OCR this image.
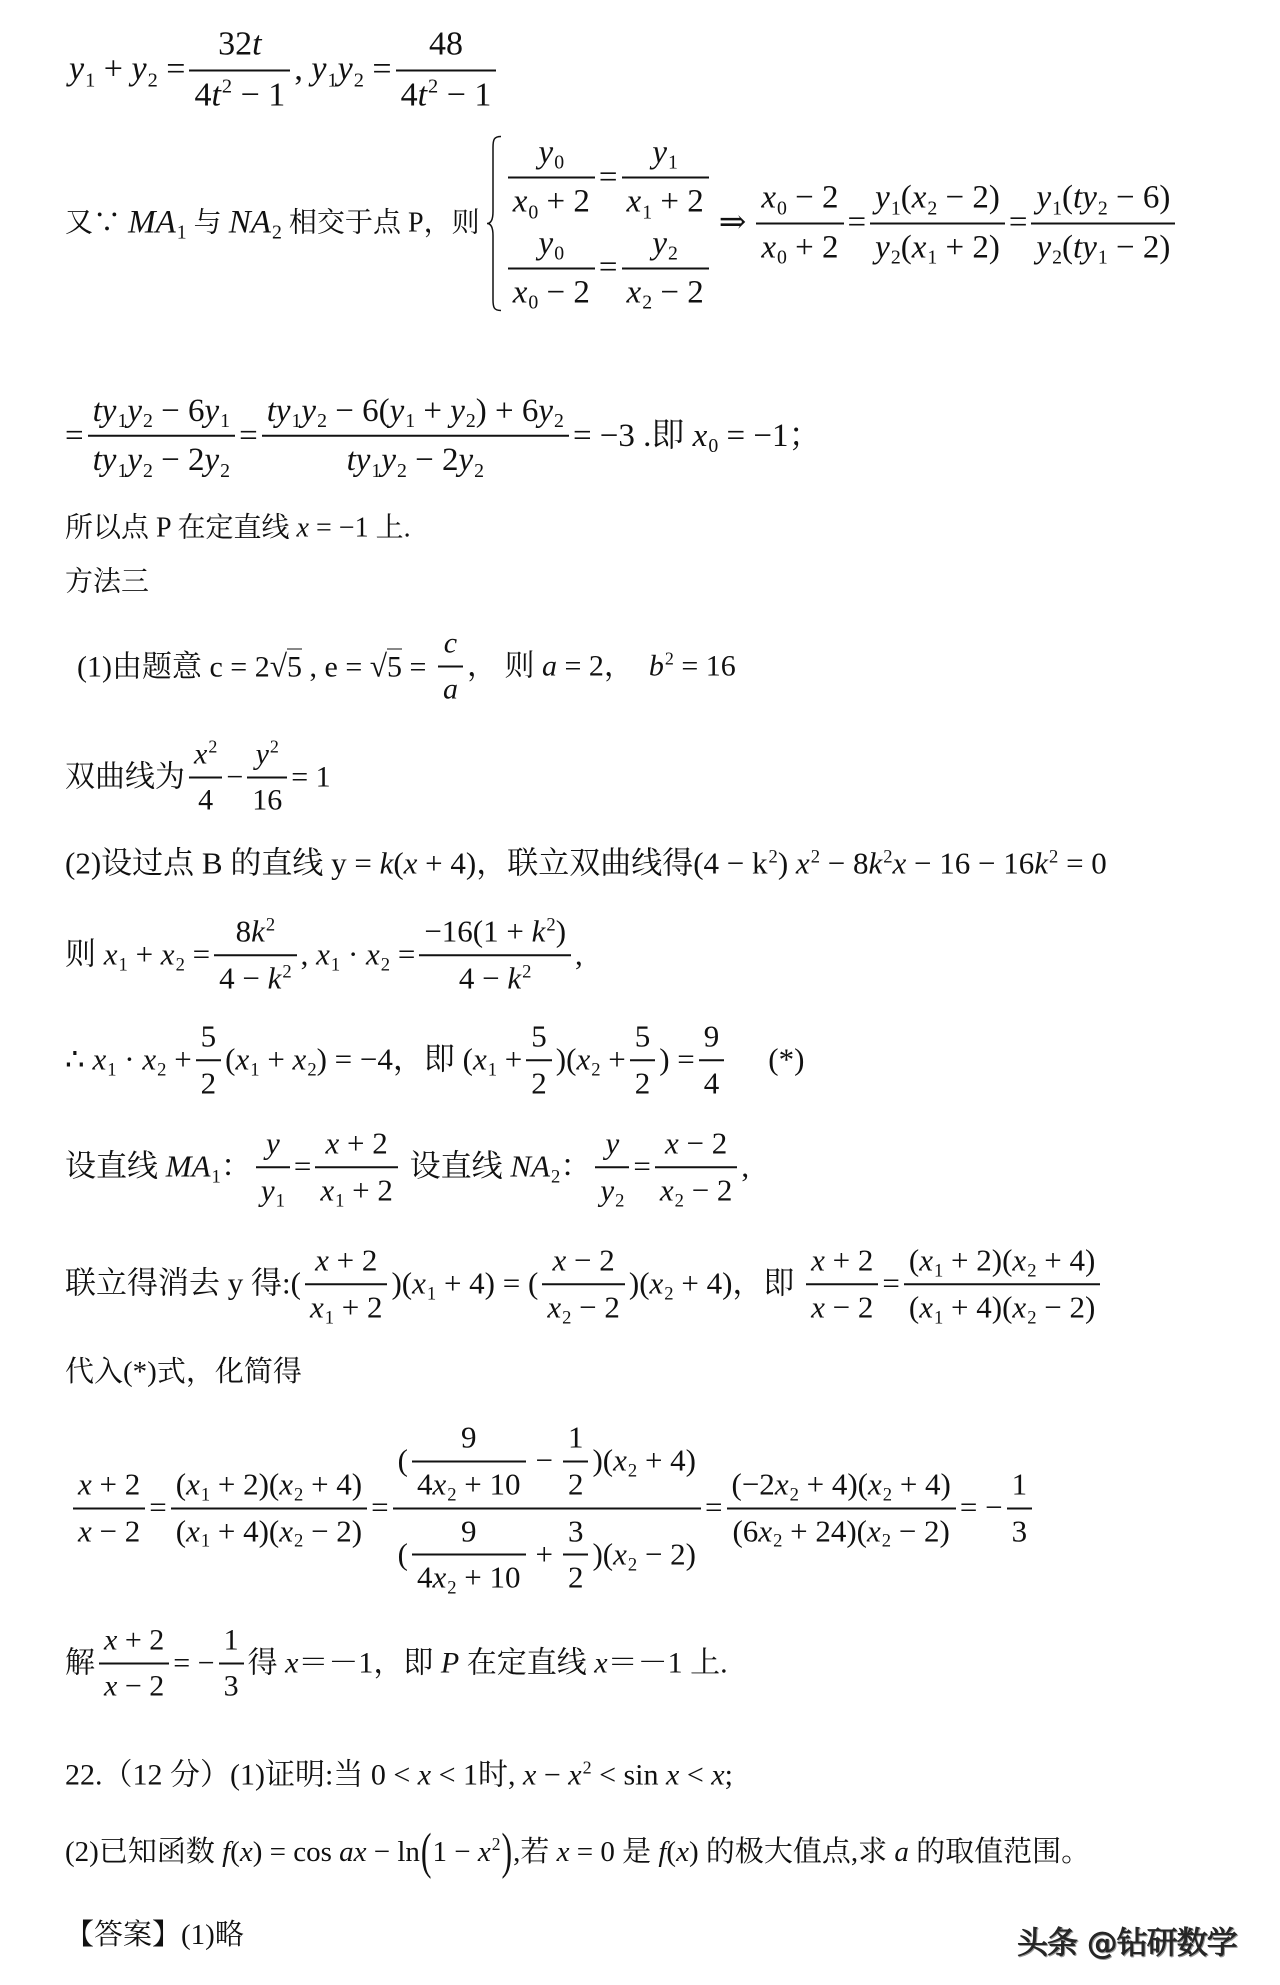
$y_1 + y_2 = \frac{32t}{4t^2 - 1}$ , $y_1y_2 = \frac{48}{4t^2 - 1}$
又∵ $MA_1$ 与 $NA_2$ 相交于点 P，则 $\frac{y_0}{x_0 + 2} = \frac{y_1}{x_1 + 2}$
$\frac{y_0}{x_0 - 2} = \frac{y_2}{x_2 - 2}$
⇒ $\frac{x_0 - 2}{x_0 + 2} = \frac{y_1(x_2 - 2)}{y_2(x_1 + 2)} = \frac{y_1(ty_2 - 6)}{y_2(ty_1 - 2)}$
= $\frac{ty_1y_2 - 6y_1}{ty_1y_2 - 2y_2} = \frac{ty_1y_2 - 6(y_1 + y_2) + 6y_2}{ty_1y_2 - 2y_2} = -3$ .即 $x_0 = -1$；
所以点 P 在定直线 x = −1 上.
方法三
(1)由题意 c = 2√5 , $e = √5 = \frac{c}{a}$ ， 则 a = 2，  $b^2 = 16$
双曲线为 $\frac{x^2}{4} - \frac{y^2}{16} = 1$
(2)设过点 B 的直线 y = k(x + 4) ，联立双曲线得$(4 - k^2)$ $x^2 - 8k^2x - 16 - 16k^2 = 0$
则 $x_1 + x_2 = \frac{8k^2}{4 - k^2}$ , $x_1 \cdot x_2 = \frac{-16(1 + k^2)}{4 - k^2}$ ,
∴ $x_1 \cdot x_2 + \frac{5}{2} (x_1 + x_2) = -4$，即 $(x_1 + \frac{5}{2} )(x_2 + \frac{5}{2}$ ) = $\frac{9}{4}$ (*)
设直线 $MA_1$ ： $\frac{y}{y_1} = \frac{x + 2}{x_1 + 2}$ 设直线 $NA_2$ ： $\frac{y}{y_2} = \frac{x - 2}{x_2 - 2}$ ,
联立得消去 y 得:( $\frac{x + 2}{x_1 + 2} )(x_1 + 4)$ = ( $\frac{x - 2}{x_2 - 2} )(x_2 + 4)$，即 $\frac{x + 2}{x - 2} = \frac{(x_1 + 2)(x_2 + 4)}{(x_1 + 4)(x_2 - 2)}$
代入(*)式，化简得
$\frac{x + 2}{x - 2} = \frac{(x_1 + 2)(x_2 + 4)}{(x_1 + 4)(x_2 - 2)} = \frac{( \frac{9}{4x_2 + 10} - \frac{1}{2} )(x_2 + 4)}{( \frac{9}{4x_2 + 10} + \frac{3}{2} )(x_2 - 2)} = \frac{(-2x_2 + 4)(x_2 + 4)}{(6x_2 + 24)(x_2 - 2)}$ = − $\frac{1}{3}$
解 $\frac{x + 2}{x - 2}$ = − $\frac{1}{3}$ 得 x＝－1，即 P 在定直线 x＝－1 上.
22. （12 分） (1)证明:当 0 < x < 1时, $x - x^2 < \sin x < x$;
(2)已知函数 f(x) = cos ax − ln ( $1 - x^2$ ) ,若 x = 0 是 f(x) 的极大值点,求 a 的取值范围。
【答案】 (1)略	头条 @钻研数学
